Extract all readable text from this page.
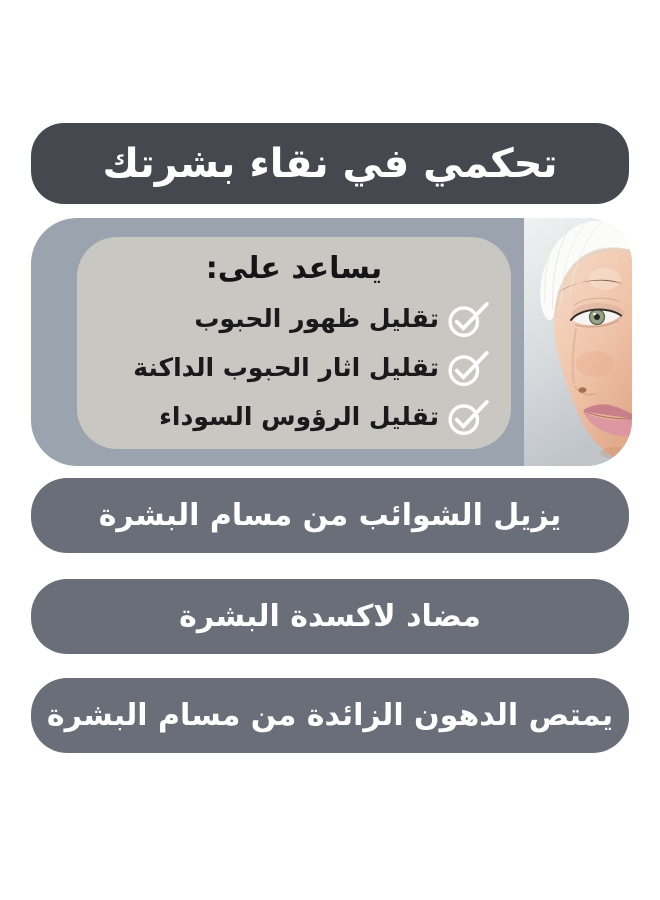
تحكمي في نقاء بشرتك
يساعد على:
تقليل ظهور الحبوب
تقليل اثار الحبوب الداكنة
تقليل الرؤوس السوداء
يزيل الشوائب من مسام البشرة
مضاد لاكسدة البشرة
يمتص الدهون الزائدة من مسام البشرة
